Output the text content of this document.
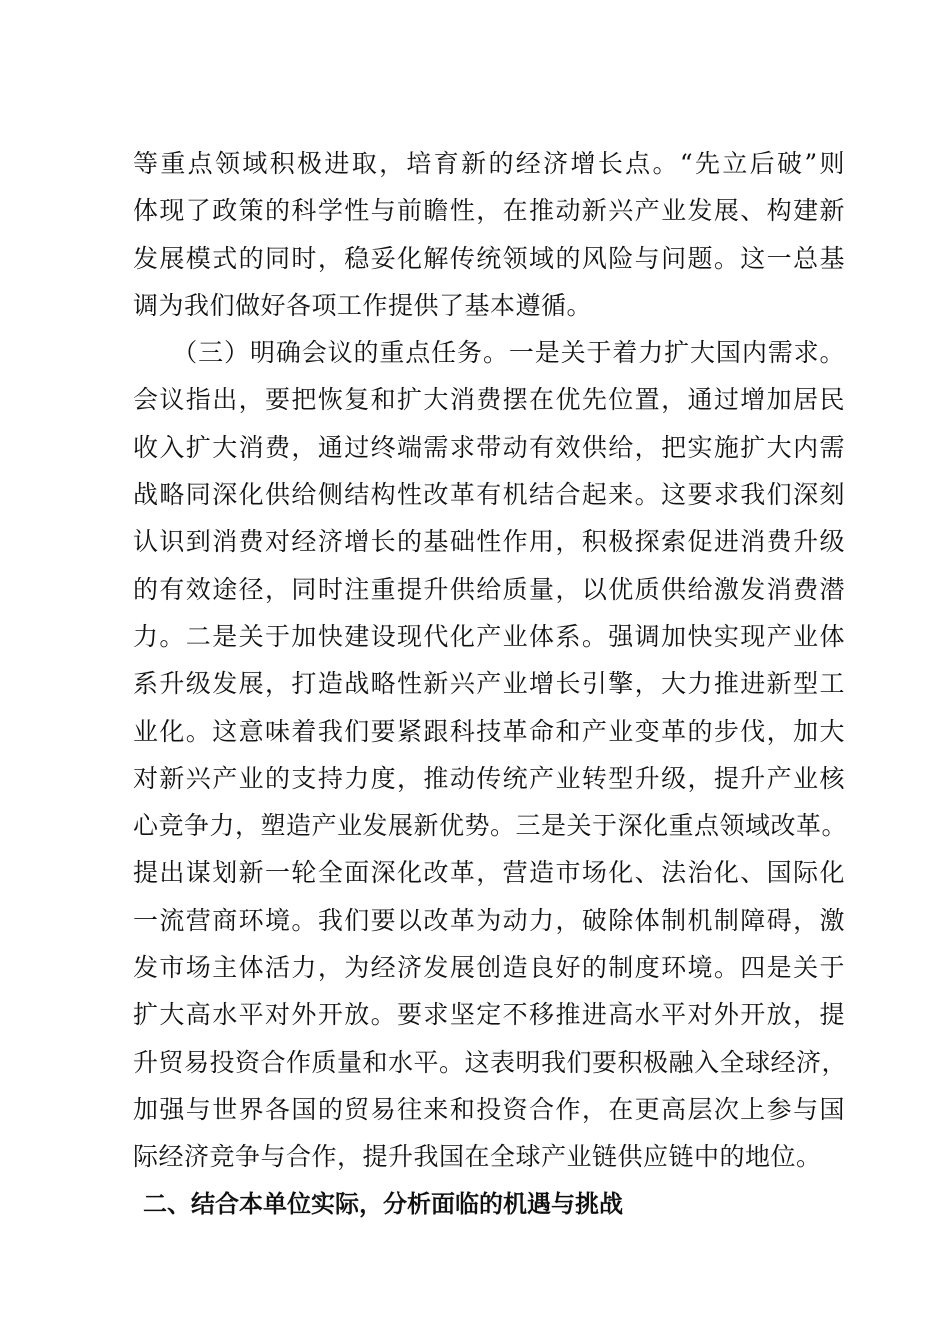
等重点领域积极进取，培育新的经济增长点。“先立后破”则
体现了政策的科学性与前瞻性，在推动新兴产业发展、构建新
发展模式的同时，稳妥化解传统领域的风险与问题。这一总基
调为我们做好各项工作提供了基本遵循。
　　（三）明确会议的重点任务。一是关于着力扩大国内需求。
会议指出，要把恢复和扩大消费摆在优先位置，通过增加居民
收入扩大消费，通过终端需求带动有效供给，把实施扩大内需
战略同深化供给侧结构性改革有机结合起来。这要求我们深刻
认识到消费对经济增长的基础性作用，积极探索促进消费升级
的有效途径，同时注重提升供给质量，以优质供给激发消费潜
力。二是关于加快建设现代化产业体系。强调加快实现产业体
系升级发展，打造战略性新兴产业增长引擎，大力推进新型工
业化。这意味着我们要紧跟科技革命和产业变革的步伐，加大
对新兴产业的支持力度，推动传统产业转型升级，提升产业核
心竞争力，塑造产业发展新优势。三是关于深化重点领域改革。
提出谋划新一轮全面深化改革，营造市场化、法治化、国际化
一流营商环境。我们要以改革为动力，破除体制机制障碍，激
发市场主体活力，为经济发展创造良好的制度环境。四是关于
扩大高水平对外开放。要求坚定不移推进高水平对外开放，提
升贸易投资合作质量和水平。这表明我们要积极融入全球经济，
加强与世界各国的贸易往来和投资合作，在更高层次上参与国
际经济竞争与合作，提升我国在全球产业链供应链中的地位。
二、结合本单位实际，分析面临的机遇与挑战
